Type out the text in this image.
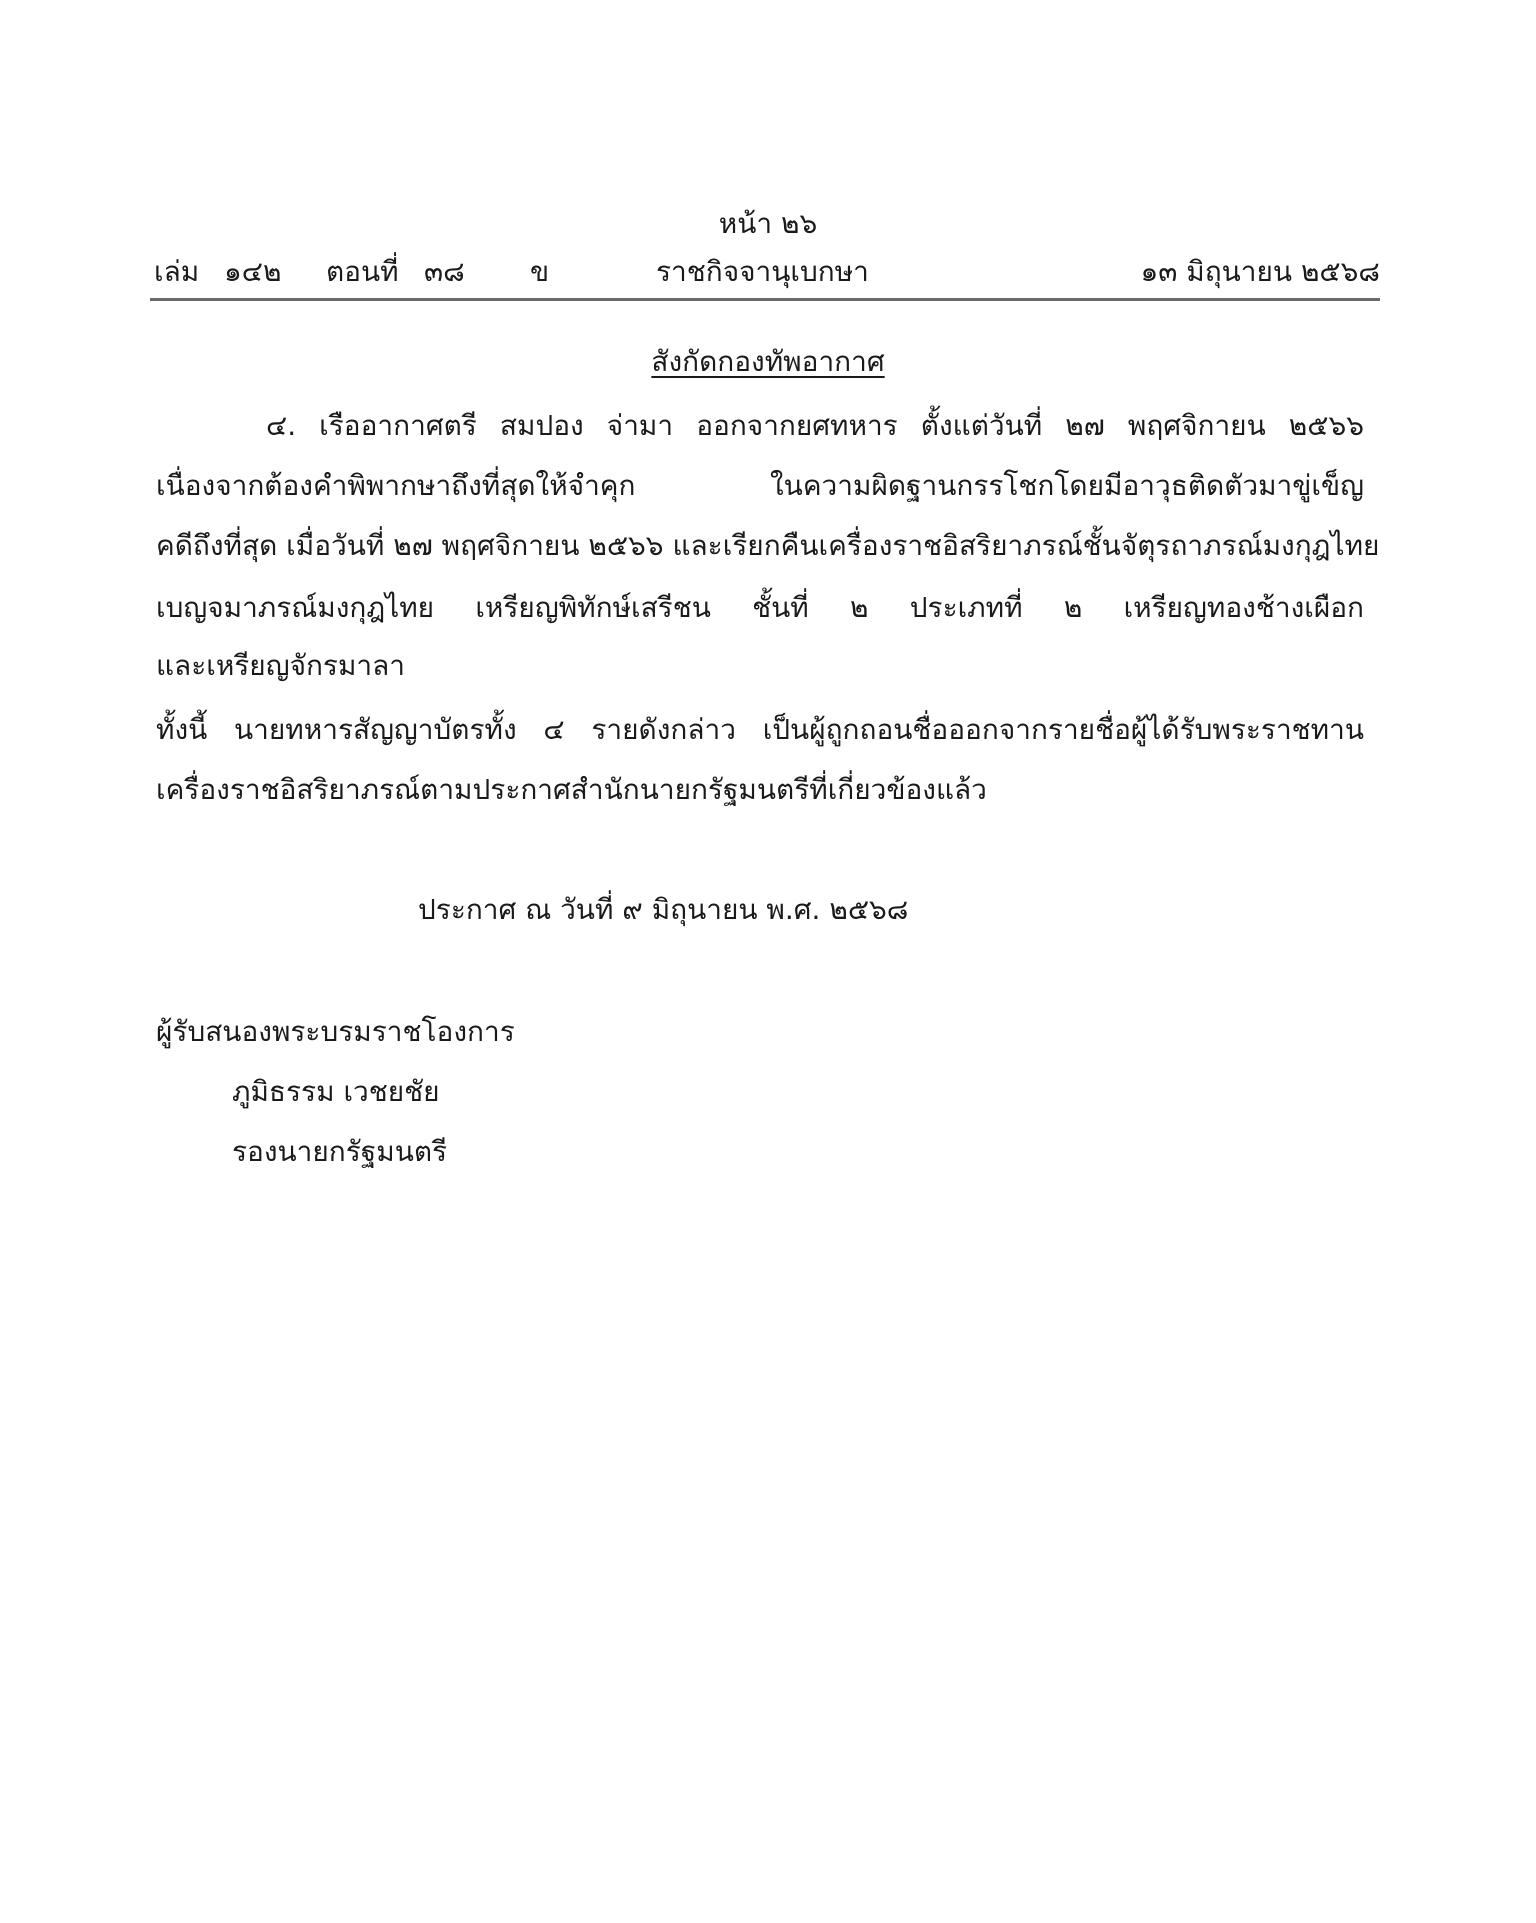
หน้า ๒๖
เล่ม ๑๔๒ ตอนที่ ๓๘ ข	ราชกิจจานุเบกษา	๑๓ มิถุนายน ๒๕๖๘
สังกัดกองทัพอากาศ
๔. เรืออากาศตรี สมปอง จ่ามา ออกจากยศทหาร ตั้งแต่วันที่ ๒๗ พฤศจิกายน ๒๕๖๖
เนื่องจากต้องคำพิพากษาถึงที่สุดให้จำคุก ในความผิดฐานกรรโชกโดยมีอาวุธติดตัวมาขู่เข็ญ
คดีถึงที่สุด เมื่อวันที่ ๒๗ พฤศจิกายน ๒๕๖๖ และเรียกคืนเครื่องราชอิสริยาภรณ์ชั้นจัตุรถาภรณ์มงกุฎไทย
เบญจมาภรณ์มงกุฎไทย เหรียญพิทักษ์เสรีชน ชั้นที่ ๒ ประเภทที่ ๒ เหรียญทองช้างเผือก
และเหรียญจักรมาลา
ทั้งนี้ นายทหารสัญญาบัตรทั้ง ๔ รายดังกล่าว เป็นผู้ถูกถอนชื่อออกจากรายชื่อผู้ได้รับพระราชทาน
เครื่องราชอิสริยาภรณ์ตามประกาศสำนักนายกรัฐมนตรีที่เกี่ยวข้องแล้ว
ประกาศ ณ วันที่ ๙ มิถุนายน พ.ศ. ๒๕๖๘
ผู้รับสนองพระบรมราชโองการ
ภูมิธรรม เวชยชัย
รองนายกรัฐมนตรี
